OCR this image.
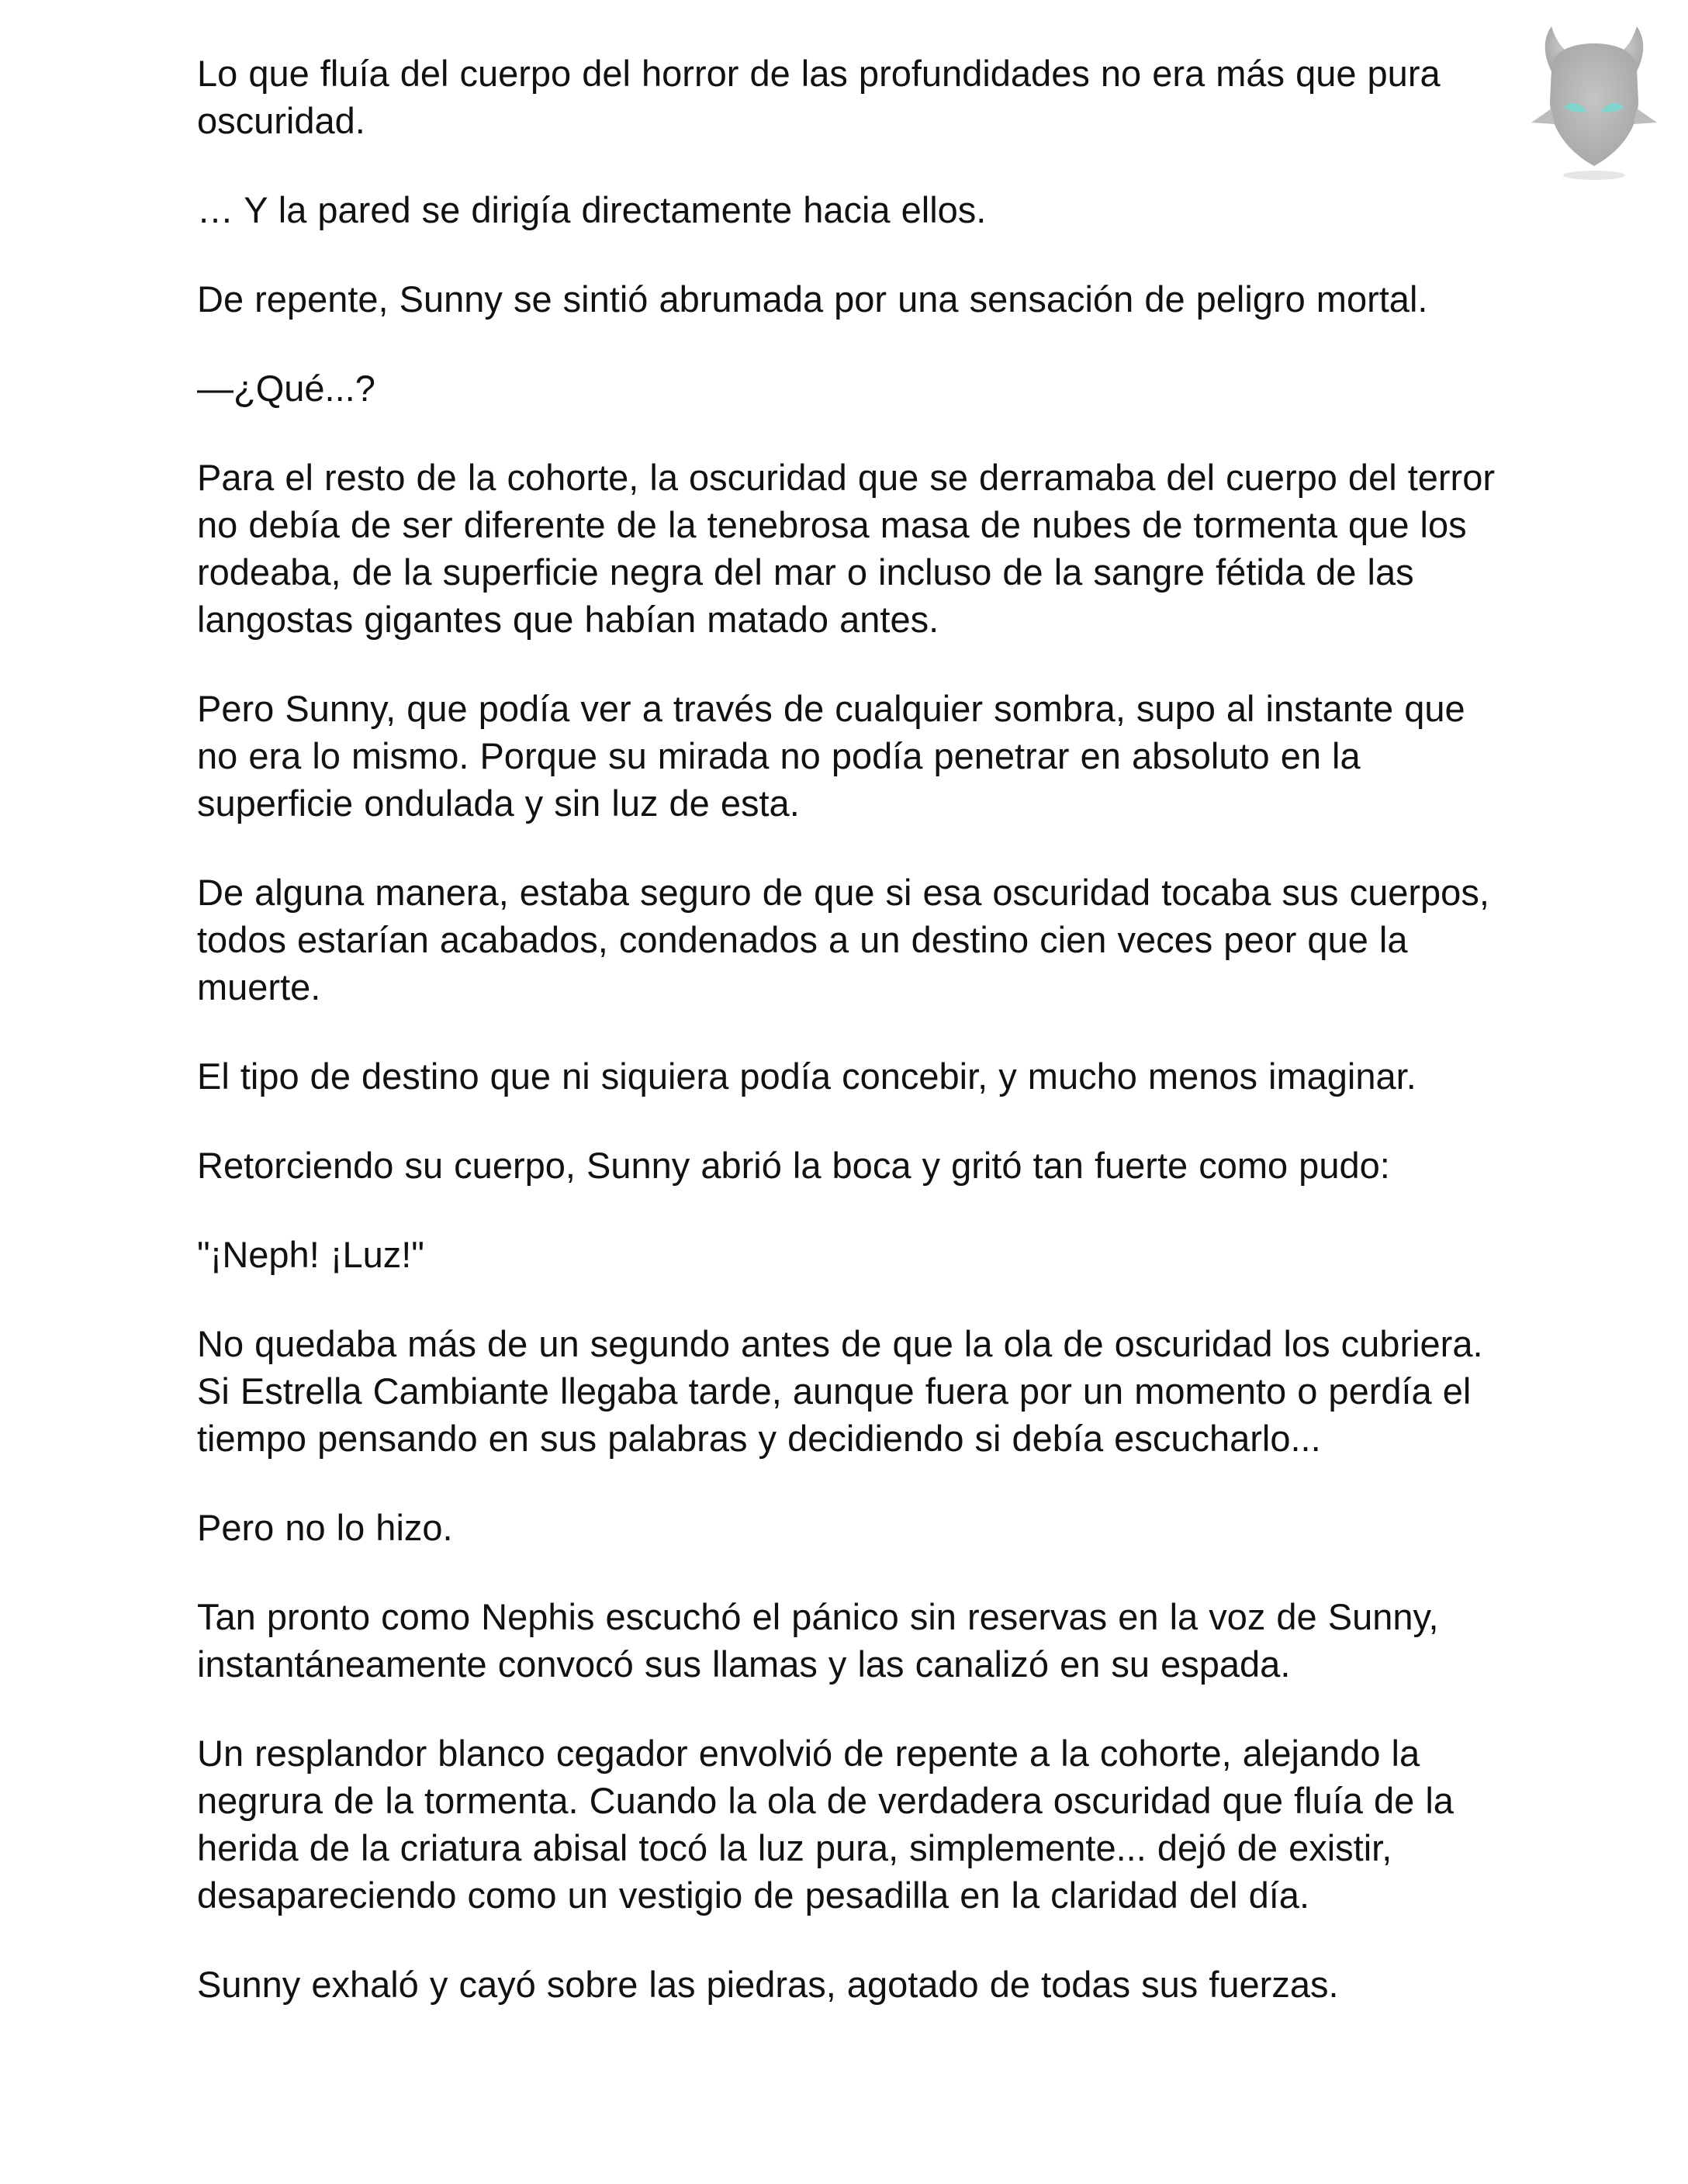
Lo que fluía del cuerpo del horror de las profundidades no era más que pura oscuridad.

… Y la pared se dirigía directamente hacia ellos.

De repente, Sunny se sintió abrumada por una sensación de peligro mortal.

—¿Qué...?

Para el resto de la cohorte, la oscuridad que se derramaba del cuerpo del terror no debía de ser diferente de la tenebrosa masa de nubes de tormenta que los rodeaba, de la superficie negra del mar o incluso de la sangre fétida de las langostas gigantes que habían matado antes.

Pero Sunny, que podía ver a través de cualquier sombra, supo al instante que no era lo mismo. Porque su mirada no podía penetrar en absoluto en la superficie ondulada y sin luz de esta.

De alguna manera, estaba seguro de que si esa oscuridad tocaba sus cuerpos, todos estarían acabados, condenados a un destino cien veces peor que la muerte.

El tipo de destino que ni siquiera podía concebir, y mucho menos imaginar.

Retorciendo su cuerpo, Sunny abrió la boca y gritó tan fuerte como pudo:

"¡Neph! ¡Luz!"

No quedaba más de un segundo antes de que la ola de oscuridad los cubriera. Si Estrella Cambiante llegaba tarde, aunque fuera por un momento o perdía el tiempo pensando en sus palabras y decidiendo si debía escucharlo...

Pero no lo hizo.

Tan pronto como Nephis escuchó el pánico sin reservas en la voz de Sunny, instantáneamente convocó sus llamas y las canalizó en su espada.

Un resplandor blanco cegador envolvió de repente a la cohorte, alejando la negrura de la tormenta. Cuando la ola de verdadera oscuridad que fluía de la herida de la criatura abisal tocó la luz pura, simplemente... dejó de existir, desapareciendo como un vestigio de pesadilla en la claridad del día.

Sunny exhaló y cayó sobre las piedras, agotado de todas sus fuerzas.
